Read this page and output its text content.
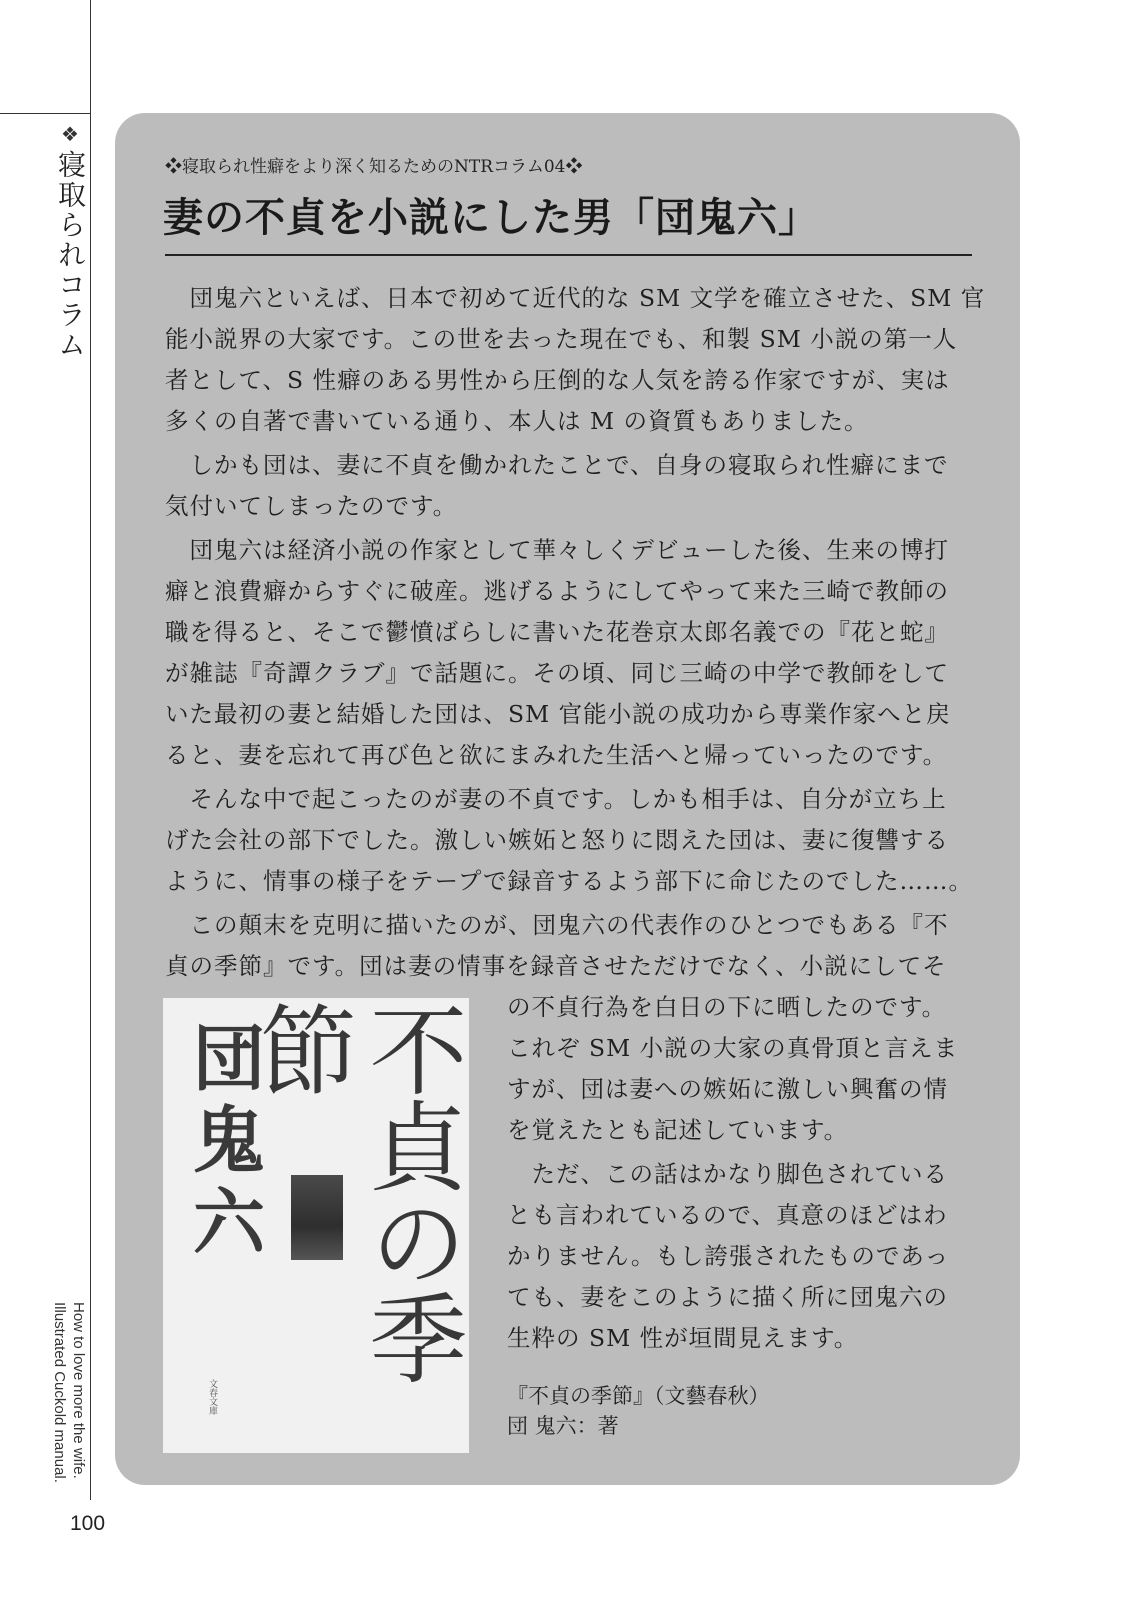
❖
寝取られコラム
How to love more the wife.
Illustrated Cuckold manual.
100
❖寝取られ性癖をより深く知るためのNTRコラム04❖
妻の不貞を小説にした男「団鬼六」
　団鬼六といえば、日本で初めて近代的な SM 文学を確立させた、SM 官
能小説界の大家です。この世を去った現在でも、和製 SM 小説の第一人
者として、S 性癖のある男性から圧倒的な人気を誇る作家ですが、実は
多くの自著で書いている通り、本人は M の資質もありました。
　しかも団は、妻に不貞を働かれたことで、自身の寝取られ性癖にまで
気付いてしまったのです。
　団鬼六は経済小説の作家として華々しくデビューした後、生来の博打
癖と浪費癖からすぐに破産。逃げるようにしてやって来た三崎で教師の
職を得ると、そこで鬱憤ばらしに書いた花巻京太郎名義での『花と蛇』
が雑誌『奇譚クラブ』で話題に。その頃、同じ三崎の中学で教師をして
いた最初の妻と結婚した団は、SM 官能小説の成功から専業作家へと戻
ると、妻を忘れて再び色と欲にまみれた生活へと帰っていったのです。
　そんな中で起こったのが妻の不貞です。しかも相手は、自分が立ち上
げた会社の部下でした。激しい嫉妬と怒りに悶えた団は、妻に復讐する
ように、情事の様子をテープで録音するよう部下に命じたのでした……。
　この顛末を克明に描いたのが、団鬼六の代表作のひとつでもある『不
貞の季節』です。団は妻の情事を録音させただけでなく、小説にしてそ
の不貞行為を白日の下に晒したのです。
これぞ SM 小説の大家の真骨頂と言えま
すが、団は妻への嫉妬に激しい興奮の情
を覚えたとも記述しています。
　ただ、この話はかなり脚色されている
とも言われているので、真意のほどはわ
かりません。もし誇張されたものであっ
ても、妻をこのように描く所に団鬼六の
生粋の SM 性が垣間見えます。
団鬼六 不貞の季節
文春文庫	『不貞の季節』（文藝春秋）
団 鬼六：著
